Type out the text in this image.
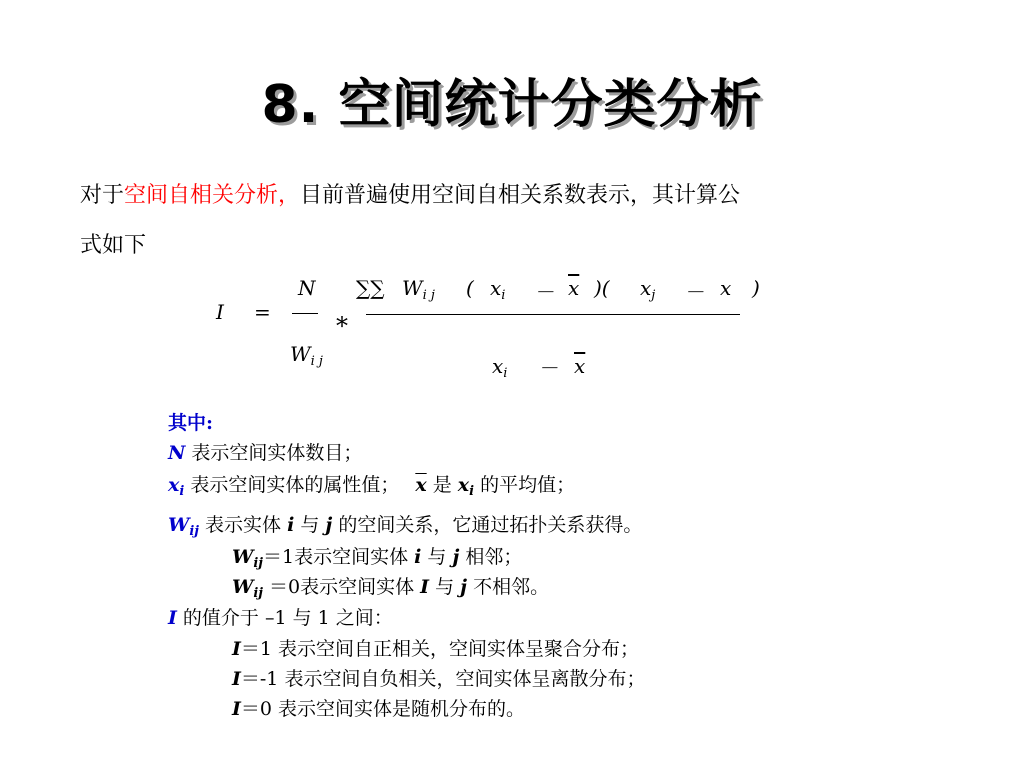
8. 空间统计分类分析
对于空间自相关分析，目前普遍使用空间自相关系数表示，其计算公
式如下
I =
N
$W_{i j}$
*
∑∑ $W_{i j}$ ( $x_i - \overline{x}$ )( $x_j - x$ )
$x_i - \overline{x}$
其中:
N 表示空间实体数目；
$x_i$ 表示空间实体的属性值； $\overline{x}$ 是 $x_i$ 的平均值；
$W_{ij}$ 表示实体 i 与 j 的空间关系，它通过拓扑关系获得。
$W_{ij}=1$表示空间实体 i 与 j 相邻；
$W_{ij} =0$表示空间实体 I 与 j 不相邻。
I 的值介于 –1 与 1 之间：
I＝1 表示空间自正相关，空间实体呈聚合分布；
I＝-1 表示空间自负相关，空间实体呈离散分布；
I＝0 表示空间实体是随机分布的。
